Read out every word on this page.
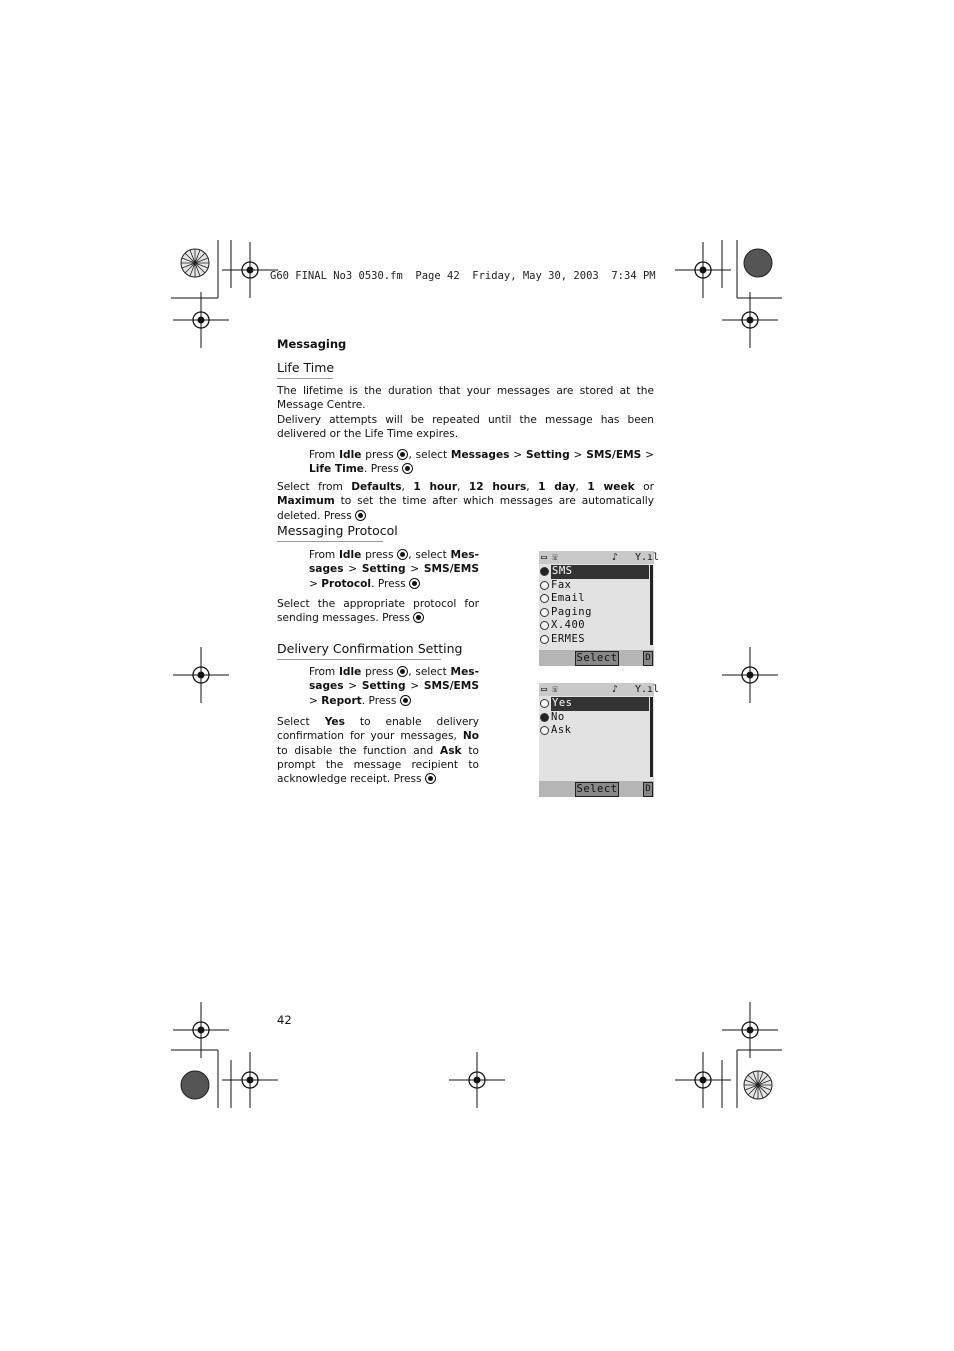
G60 FINAL No3 0530.fm  Page 42  Friday, May 30, 2003  7:34 PM
Messaging
Life Time
The lifetime is the duration that your messages are stored at the Message Centre.
Delivery attempts will be repeated until the message has been delivered or the Life Time expires.
From Idle press , select Messages > Setting > SMS/EMS > Life Time. Press
Select from Defaults, 1 hour, 12 hours, 1 day, 1 week or Maximum to set the time after which messages are automatically deleted. Press
Messaging Protocol
From Idle press , select Mes-sages > Setting > SMS/EMS > Protocol. Press
Select the appropriate protocol for sending messages. Press
Delivery Confirmation Setting
From Idle press , select Mes-sages > Setting > SMS/EMS > Report. Press
Select Yes to enable delivery confirmation for your messages, No to disable the function and Ask to prompt the message recipient to acknowledge receipt. Press
▭ ☏	♪ Y.ıl
SMS
Fax
Email
Paging
X.400
ERMES
Select	D
▭ ☏	♪ Y.ıl
Yes
No
Ask
Select	D
42
